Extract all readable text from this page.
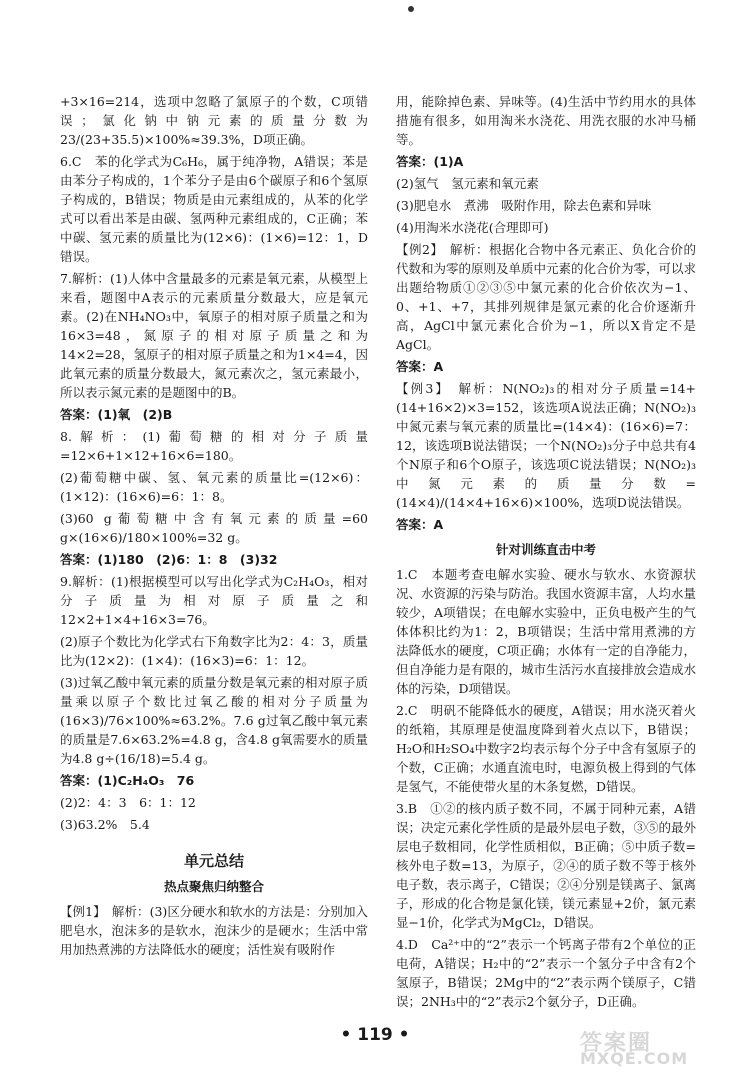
+3×16=214，选项中忽略了氯原子的个数，C项错误；氯化钠中钠元素的质量分数为 23/(23+35.5)×100%≈39.3%，D项正确。

6.C　苯的化学式为C₆H₆，属于纯净物，A错误；苯是由苯分子构成的，1个苯分子是由6个碳原子和6个氢原子构成的，B错误；物质是由元素组成的，从苯的化学式可以看出苯是由碳、氢两种元素组成的，C正确；苯中碳、氢元素的质量比为(12×6)：(1×6)=12：1，D错误。

7.解析：(1)人体中含量最多的元素是氧元素，从模型上来看，题图中A表示的元素质量分数最大，应是氧元素。(2)在NH₄NO₃中，氧原子的相对原子质量之和为16×3=48，氮原子的相对原子质量之和为14×2=28，氢原子的相对原子质量之和为1×4=4，因此氧元素的质量分数最大，氮元素次之，氢元素最小，所以表示氮元素的是题图中的B。

答案：(1)氧　(2)B

8.解析：(1)葡萄糖的相对分子质量=12×6+1×12+16×6=180。

(2)葡萄糖中碳、氢、氧元素的质量比=(12×6)：(1×12)：(16×6)=6：1：8。

(3)60 g葡萄糖中含有氧元素的质量=60 g×(16×6)/180×100%=32 g。

答案：(1)180　(2)6：1：8　(3)32

9.解析：(1)根据模型可以写出化学式为C₂H₄O₃，相对分子质量为相对原子质量之和12×2+1×4+16×3=76。

(2)原子个数比为化学式右下角数字比为2：4：3，质量比为(12×2)：(1×4)：(16×3)=6：1：12。

(3)过氧乙酸中氧元素的质量分数是氧元素的相对原子质量乘以原子个数比过氧乙酸的相对分子质量为 (16×3)/76×100%≈63.2%。7.6 g过氧乙酸中氧元素的质量是7.6×63.2%=4.8 g，含4.8 g氧需要水的质量为4.8 g÷(16/18)=5.4 g。

答案：(1)C₂H₄O₃　76

(2)2：4：3　6：1：12

(3)63.2%　5.4

单元总结
热点聚焦归纳整合

【例1】　解析：(3)区分硬水和软水的方法是：分别加入肥皂水，泡沫多的是软水，泡沫少的是硬水；生活中常用加热煮沸的方法降低水的硬度；活性炭有吸附作

用，能除掉色素、异味等。(4)生活中节约用水的具体措施有很多，如用淘米水浇花、用洗衣服的水冲马桶等。

答案：(1)A

(2)氢气　氢元素和氧元素

(3)肥皂水　煮沸　吸附作用，除去色素和异味

(4)用淘米水浇花(合理即可)

【例2】　解析：根据化合物中各元素正、负化合价的代数和为零的原则及单质中元素的化合价为零，可以求出题给物质①②③⑤中氯元素的化合价依次为−1、0、+1、+7，其排列规律是氯元素的化合价逐渐升高，AgCl中氯元素化合价为−1，所以X肯定不是AgCl。

答案：A

【例3】　解析：N(NO₂)₃的相对分子质量=14+(14+16×2)×3=152，该选项A说法正确；N(NO₂)₃中氮元素与氧元素的质量比=(14×4)：(16×6)=7：12，该选项B说法错误；一个N(NO₂)₃分子中总共有4个N原子和6个O原子，该选项C说法错误；N(NO₂)₃中氮元素的质量分数=(14×4)/(14×4+16×6)×100%，选项D说法错误。

答案：A

针对训练直击中考

1.C　本题考查电解水实验、硬水与软水、水资源状况、水资源的污染与防治。我国水资源丰富，人均水量较少，A项错误；在电解水实验中，正负电极产生的气体体积比约为1：2，B项错误；生活中常用煮沸的方法降低水的硬度，C项正确；水体有一定的自净能力，但自净能力是有限的，城市生活污水直接排放会造成水体的污染，D项错误。

2.C　明矾不能降低水的硬度，A错误；用水浇灭着火的纸箱，其原理是使温度降到着火点以下，B错误；H₂O和H₂SO₄中数字2均表示每个分子中含有氢原子的个数，C正确；水通直流电时，电源负极上得到的气体是氢气，不能使带火星的木条复燃，D错误。

3.B　①②的核内质子数不同，不属于同种元素，A错误；决定元素化学性质的是最外层电子数，③⑤的最外层电子数相同，化学性质相似，B正确；⑤中质子数=核外电子数=13，为原子，②④的质子数不等于核外电子数，表示离子，C错误；②④分别是镁离子、氯离子，形成的化合物是氯化镁，镁元素显+2价，氯元素显−1价，化学式为MgCl₂，D错误。

4.D　Ca²⁺中的“2”表示一个钙离子带有2个单位的正电荷，A错误；H₂中的“2”表示一个氢分子中含有2个氢原子，B错误；2Mg中的“2”表示两个镁原子，C错误；2NH₃中的“2”表示2个氨分子，D正确。

• 119 •	答案圈
MXQE.COM
